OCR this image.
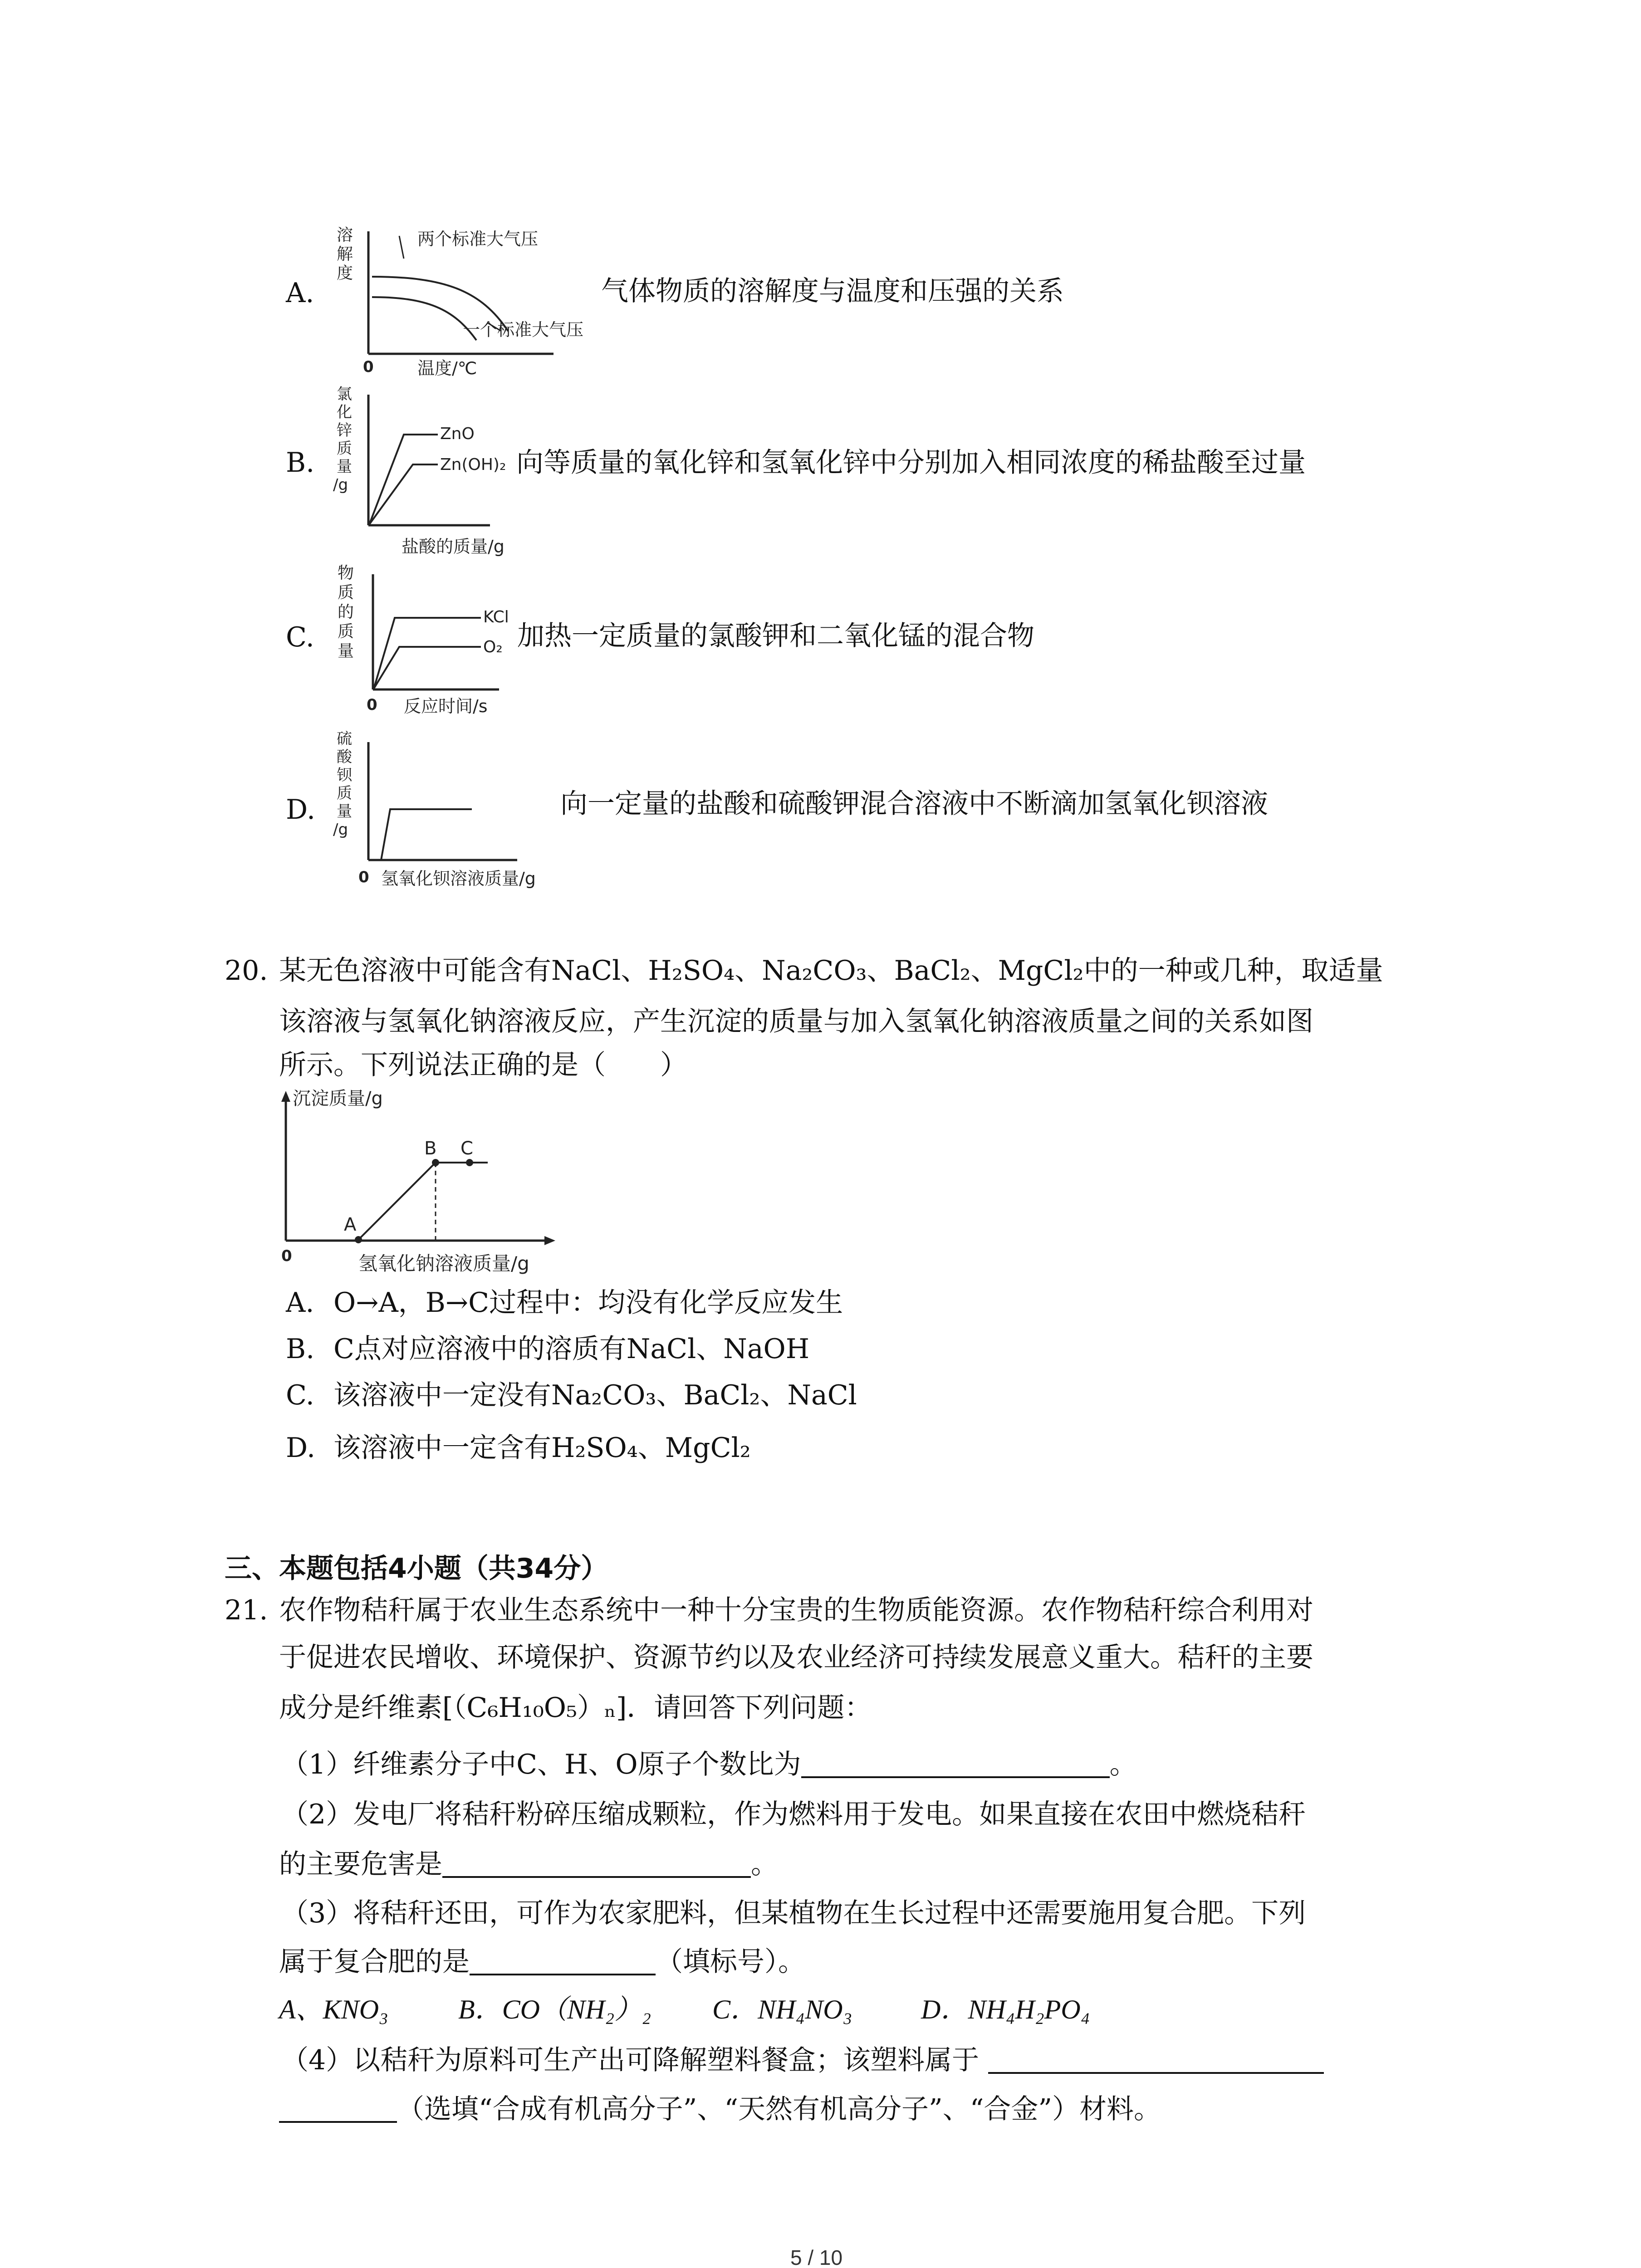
A.
溶
解
度
两个标准大气压
一个标准大气压
0	温度/℃
气体物质的溶解度与温度和压强的关系
B.
氯
化
锌
质
量
/g
ZnO
Zn(OH)₂
盐酸的质量/g
向等质量的氧化锌和氢氧化锌中分别加入相同浓度的稀盐酸至过量
C.
物
质
的
质
量
KCl
O₂
0 反应时间/s
加热一定质量的氯酸钾和二氧化锰的混合物
D.
硫
酸
钡
质
量
/g
0 氢氧化钡溶液质量/g
向一定量的盐酸和硫酸钾混合溶液中不断滴加氢氧化钡溶液
20. 某无色溶液中可能含有NaCl、H₂SO₄、Na₂CO₃、BaCl₂、MgCl₂中的一种或几种，取适量
该溶液与氢氧化钠溶液反应，产生沉淀的质量与加入氢氧化钠溶液质量之间的关系如图
所示。下列说法正确的是（　　）
沉淀质量/g
A
B C
0	氢氧化钠溶液质量/g
A. O→A，B→C过程中：均没有化学反应发生
B. C点对应溶液中的溶质有NaCl、NaOH
C. 该溶液中一定没有Na₂CO₃、BaCl₂、NaCl
D. 该溶液中一定含有H₂SO₄、MgCl₂
三、本题包括4小题（共34分）
21. 农作物秸秆属于农业生态系统中一种十分宝贵的生物质能资源。农作物秸秆综合利用对
于促进农民增收、环境保护、资源节约以及农业经济可持续发展意义重大。秸秆的主要
成分是纤维素[（C₆H₁₀O₅）ₙ]．请回答下列问题：
（1）纤维素分子中C、H、O原子个数比为	。
（2）发电厂将秸秆粉碎压缩成颗粒，作为燃料用于发电。如果直接在农田中燃烧秸秆
的主要危害是	。
（3）将秸秆还田，可作为农家肥料，但某植物在生长过程中还需要施用复合肥。下列
属于复合肥的是	（填标号）。
A、KNO₃	B．CO（NH₂）₂ C．NH₄NO₃	D．NH₄H₂PO₄
（4）以秸秆为原料可生产出可降解塑料餐盒；该塑料属于
（选填“合成有机高分子”、“天然有机高分子”、“合金”）材料。
5 / 10
